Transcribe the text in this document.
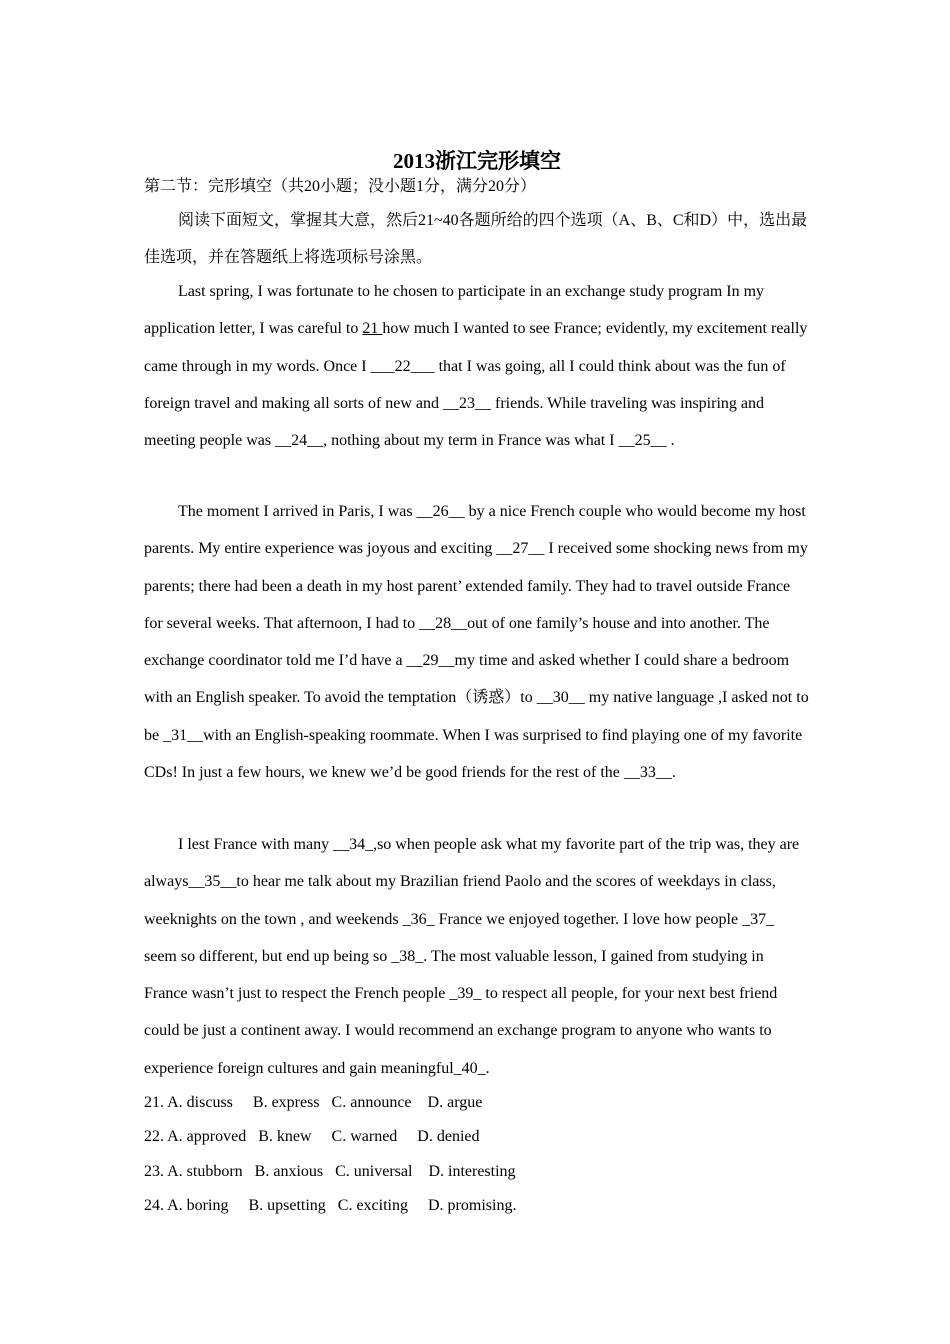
2013浙江完形填空
第二节：完形填空（共20小题；没小题1分，满分20分）
阅读下面短文，掌握其大意，然后21~40各题所给的四个选项（A、B、C和D）中，选出最佳选项，并在答题纸上将选项标号涂黑。

Last spring, I was fortunate to he chosen to participate in an exchange study program In my application letter, I was careful to 21 how much I wanted to see France; evidently, my excitement really came through in my words. Once I ___22___ that I was going, all I could think about was the fun of foreign travel and making all sorts of new and __23__ friends. While traveling was inspiring and meeting people was __24__, nothing about my term in France was what I __25__ .

The moment I arrived in Paris, I was __26__ by a nice French couple who would become my host parents. My entire experience was joyous and exciting __27__ I received some shocking news from my parents; there had been a death in my host parent’ extended family. They had to travel outside France for several weeks. That afternoon, I had to __28__out of one family’s house and into another. The exchange coordinator told me I’d have a __29__my time and asked whether I could share a bedroom with an English speaker. To avoid the temptation（诱惑）to __30__ my native language ,I asked not to be _31__with an English-speaking roommate. When I was surprised to find playing one of my favorite CDs! In just a few hours, we knew we’d be good friends for the rest of the __33__.

I lest France with many __34_,so when people ask what my favorite part of the trip was, they are always__35__to hear me talk about my Brazilian friend Paolo and the scores of weekdays in class, weeknights on the town , and weekends _36_ France we enjoyed together. I love how people _37_ seem so different, but end up being so _38_. The most valuable lesson, I gained from studying in France wasn’t just to respect the French people _39_ to respect all people, for your next best friend could be just a continent away. I would recommend an exchange program to anyone who wants to experience foreign cultures and gain meaningful_40_.

21. A. discuss     B. express   C. announce    D. argue
22. A. approved   B. knew     C. warned     D. denied
23. A. stubborn   B. anxious   C. universal    D. interesting
24. A. boring     B. upsetting   C. exciting     D. promising.
